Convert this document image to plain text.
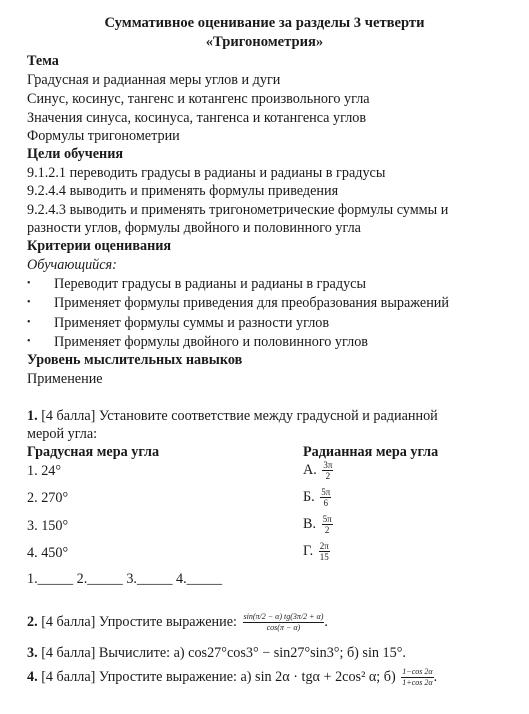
Суммативное оценивание за разделы 3 четверти
«Тригонометрия»
Тема
Градусная и радианная меры углов и дуги
Синус, косинус, тангенс и котангенс произвольного угла
Значения синуса, косинуса, тангенса и котангенса углов
Формулы тригонометрии
Цели обучения
9.1.2.1 переводить градусы в радианы и радианы в градусы
9.2.4.4 выводить и применять формулы приведения
9.2.4.3 выводить и применять тригонометрические формулы суммы и
разности углов, формулы двойного и половинного угла
Критерии оценивания
Обучающийся:
• Переводит градусы в радианы и радианы в градусы
• Применяет формулы приведения для преобразования выражений
• Применяет формулы суммы и разности углов
• Применяет формулы двойного и половинного углов
Уровень мыслительных навыков
Применение
1. [4 балла] Установите соответствие между градусной и радианной
мерой угла:
Градусная мера угла	Радианная мера угла
1. 24°
2. 270°
3. 150°
4. 450°
А. $\frac{3\pi}{2}$
Б. $\frac{5\pi}{6}$
В. $\frac{5\pi}{2}$
Г. $\frac{2\pi}{15}$
1._____ 2._____ 3._____ 4._____
2. [4 балла] Упростите выражение: $\frac{\sin(\pi/2 - \alpha) tg(3\pi/2 + \alpha)}{\cos(\pi - \alpha)}$ .
3. [4 балла] Вычислите: а) cos27°cos3° − sin27°sin3°; б) sin 15°.
4. [4 балла] Упростите выражение: а) sin 2α · tgα + 2cos² α; $б) \frac{1-\cos 2\alpha}{1+\cos 2\alpha}$ .
